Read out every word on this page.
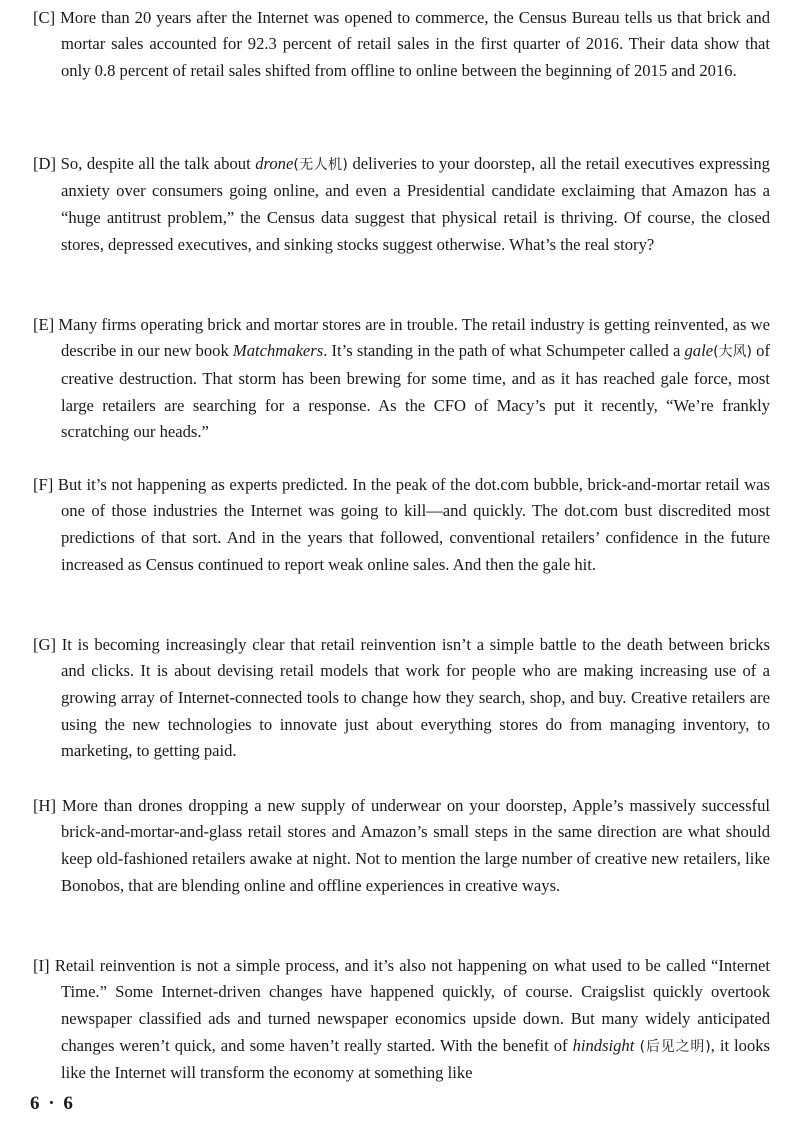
[C] More than 20 years after the Internet was opened to commerce, the Census Bureau tells us that brick and mortar sales accounted for 92.3 percent of retail sales in the first quarter of 2016. Their data show that only 0.8 percent of retail sales shifted from offline to online between the beginning of 2015 and 2016.

[D] So, despite all the talk about drone(无人机) deliveries to your doorstep, all the retail executives expressing anxiety over consumers going online, and even a Presidential candidate exclaiming that Amazon has a “huge antitrust problem,” the Census data suggest that physical retail is thriving. Of course, the closed stores, depressed executives, and sinking stocks suggest otherwise. What’s the real story?

[E] Many firms operating brick and mortar stores are in trouble. The retail industry is getting reinvented, as we describe in our new book Matchmakers. It’s standing in the path of what Schumpeter called a gale(大风) of creative destruction. That storm has been brewing for some time, and as it has reached gale force, most large retailers are searching for a response. As the CFO of Macy’s put it recently, “We’re frankly scratching our heads.”

[F] But it’s not happening as experts predicted. In the peak of the dot.com bubble, brick-and-mortar retail was one of those industries the Internet was going to kill—and quickly. The dot.com bust discredited most predictions of that sort. And in the years that followed, conventional retailers’ confidence in the future increased as Census continued to report weak online sales. And then the gale hit.

[G] It is becoming increasingly clear that retail reinvention isn’t a simple battle to the death between bricks and clicks. It is about devising retail models that work for people who are making increasing use of a growing array of Internet-connected tools to change how they search, shop, and buy. Creative retailers are using the new technologies to innovate just about everything stores do from managing inventory, to marketing, to getting paid.

[H] More than drones dropping a new supply of underwear on your doorstep, Apple’s massively successful brick-and-mortar-and-glass retail stores and Amazon’s small steps in the same direction are what should keep old-fashioned retailers awake at night. Not to mention the large number of creative new retailers, like Bonobos, that are blending online and offline experiences in creative ways.

[I] Retail reinvention is not a simple process, and it’s also not happening on what used to be called “Internet Time.” Some Internet-driven changes have happened quickly, of course. Craigslist quickly overtook newspaper classified ads and turned newspaper economics upside down. But many widely anticipated changes weren’t quick, and some haven’t really started. With the benefit of hindsight (后见之明), it looks like the Internet will transform the economy at something like

6 · 6
